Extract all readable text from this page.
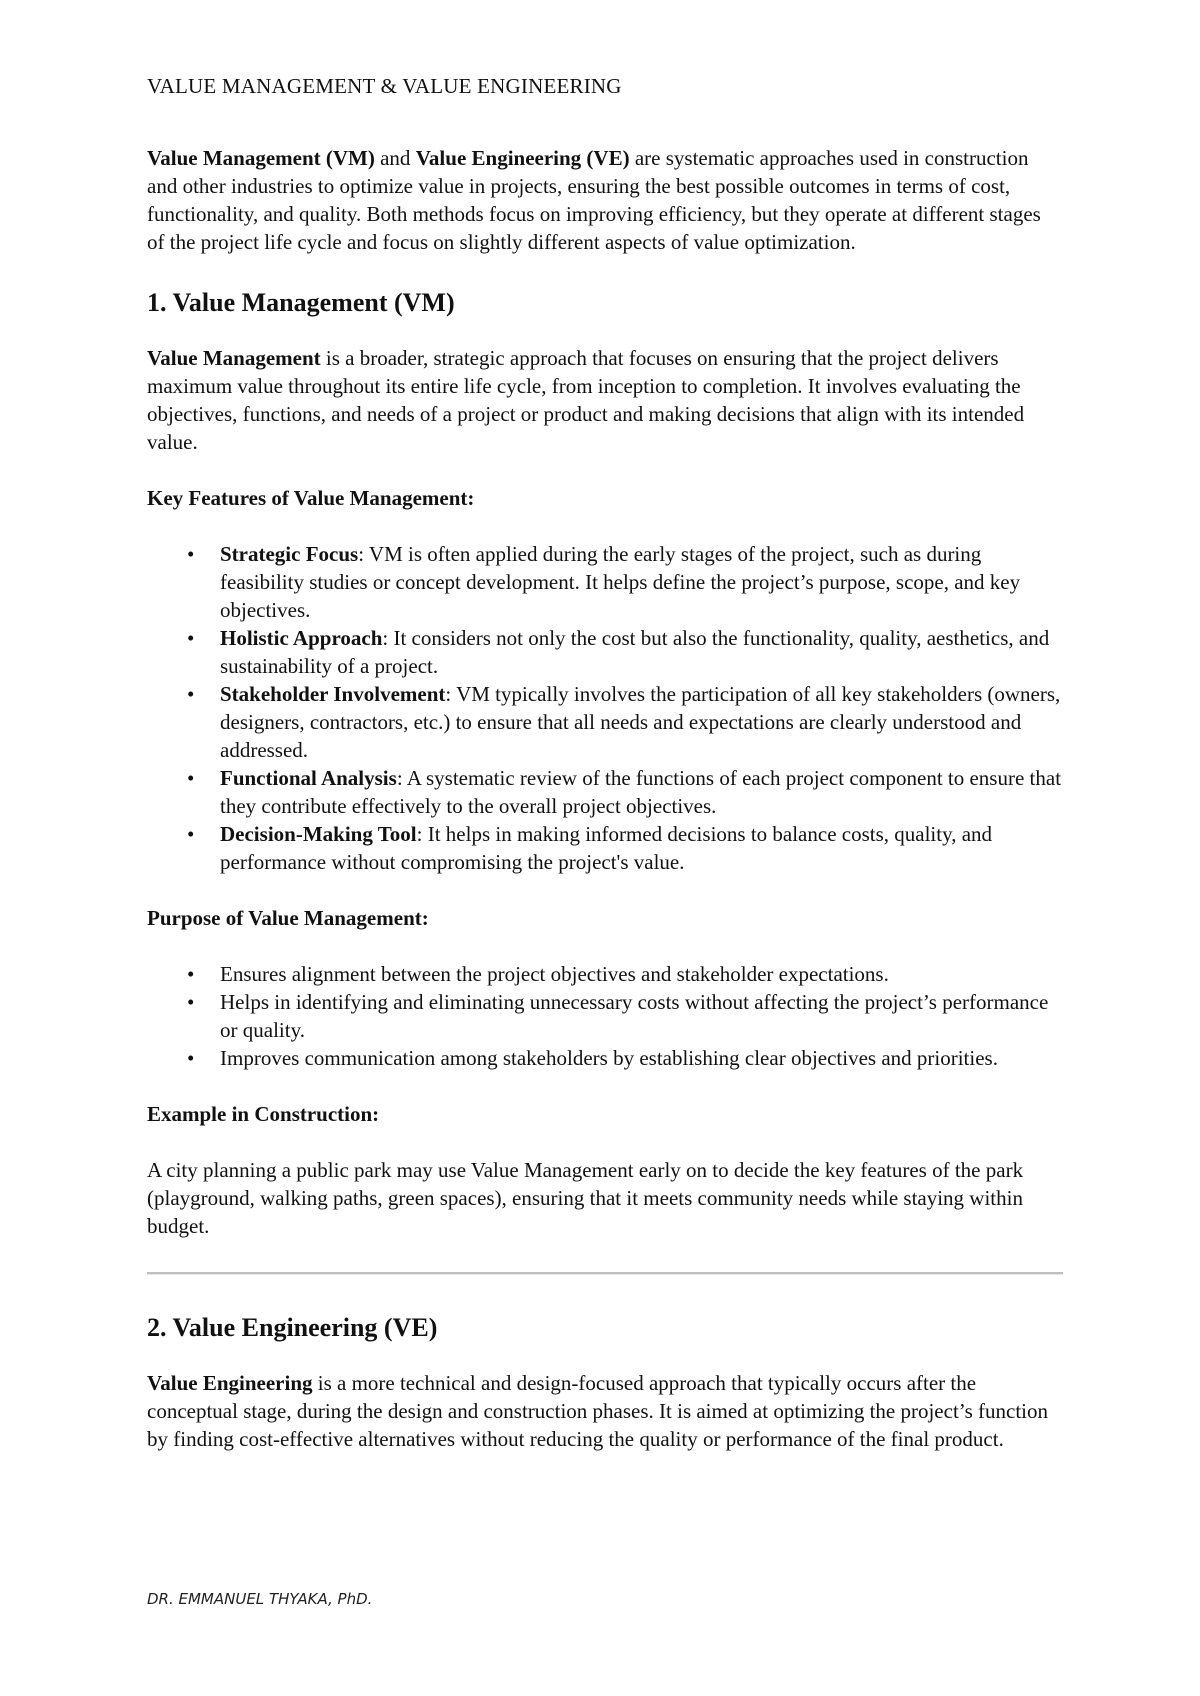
VALUE MANAGEMENT & VALUE ENGINEERING

Value Management (VM) and Value Engineering (VE) are systematic approaches used in construction and other industries to optimize value in projects, ensuring the best possible outcomes in terms of cost, functionality, and quality. Both methods focus on improving efficiency, but they operate at different stages of the project life cycle and focus on slightly different aspects of value optimization.

1. Value Management (VM)

Value Management is a broader, strategic approach that focuses on ensuring that the project delivers maximum value throughout its entire life cycle, from inception to completion. It involves evaluating the objectives, functions, and needs of a project or product and making decisions that align with its intended value.

Key Features of Value Management:

• Strategic Focus: VM is often applied during the early stages of the project, such as during feasibility studies or concept development. It helps define the project’s purpose, scope, and key objectives.
• Holistic Approach: It considers not only the cost but also the functionality, quality, aesthetics, and sustainability of a project.
• Stakeholder Involvement: VM typically involves the participation of all key stakeholders (owners, designers, contractors, etc.) to ensure that all needs and expectations are clearly understood and addressed.
• Functional Analysis: A systematic review of the functions of each project component to ensure that they contribute effectively to the overall project objectives.
• Decision-Making Tool: It helps in making informed decisions to balance costs, quality, and performance without compromising the project's value.

Purpose of Value Management:

• Ensures alignment between the project objectives and stakeholder expectations.
• Helps in identifying and eliminating unnecessary costs without affecting the project’s performance or quality.
• Improves communication among stakeholders by establishing clear objectives and priorities.

Example in Construction:

A city planning a public park may use Value Management early on to decide the key features of the park (playground, walking paths, green spaces), ensuring that it meets community needs while staying within budget.

2. Value Engineering (VE)

Value Engineering is a more technical and design-focused approach that typically occurs after the conceptual stage, during the design and construction phases. It is aimed at optimizing the project’s function by finding cost-effective alternatives without reducing the quality or performance of the final product.

DR. EMMANUEL THYAKA, PhD.
